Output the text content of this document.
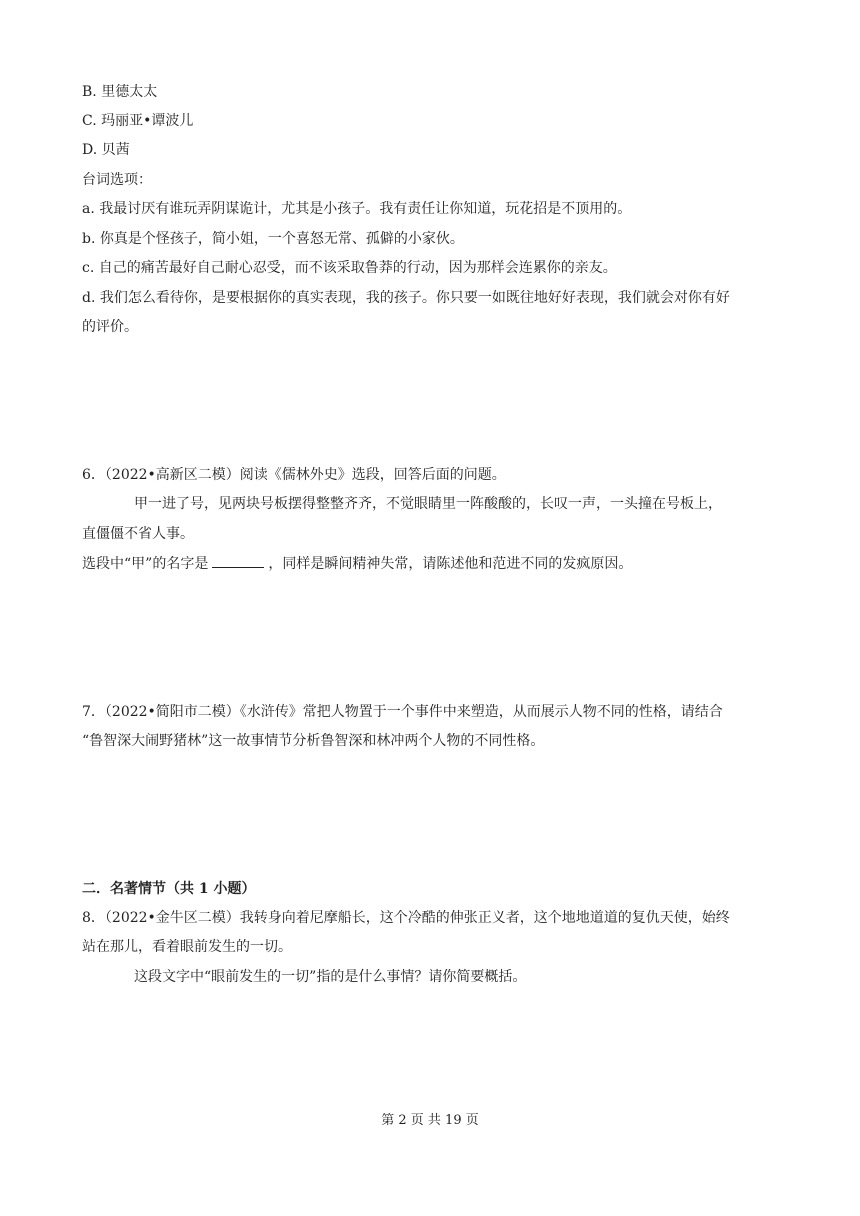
B. 里德太太
C. 玛丽亚•谭波儿
D. 贝茜
台词选项：
a. 我最讨厌有谁玩弄阴谋诡计，尤其是小孩子。我有责任让你知道，玩花招是不顶用的。
b. 你真是个怪孩子，简小姐，一个喜怒无常、孤僻的小家伙。
c. 自己的痛苦最好自己耐心忍受，而不该采取鲁莽的行动，因为那样会连累你的亲友。
d. 我们怎么看待你，是要根据你的真实表现，我的孩子。你只要一如既往地好好表现，我们就会对你有好
的评价。
6．（2022•高新区二模）阅读《儒林外史》选段，回答后面的问题。
甲一进了号，见两块号板摆得整整齐齐，不觉眼睛里一阵酸酸的，长叹一声，一头撞在号板上，
直僵僵不省人事。
选段中“甲”的名字是	，同样是瞬间精神失常，请陈述他和范进不同的发疯原因。
7．（2022•简阳市二模）《水浒传》常把人物置于一个事件中来塑造，从而展示人物不同的性格，请结合
“鲁智深大闹野猪林”这一故事情节分析鲁智深和林冲两个人物的不同性格。
二．名著情节（共 1 小题）
8．（2022•金牛区二模）我转身向着尼摩船长，这个冷酷的伸张正义者，这个地地道道的复仇天使，始终
站在那儿，看着眼前发生的一切。
这段文字中“眼前发生的一切”指的是什么事情？请你简要概括。
第 2 页 共 19 页
